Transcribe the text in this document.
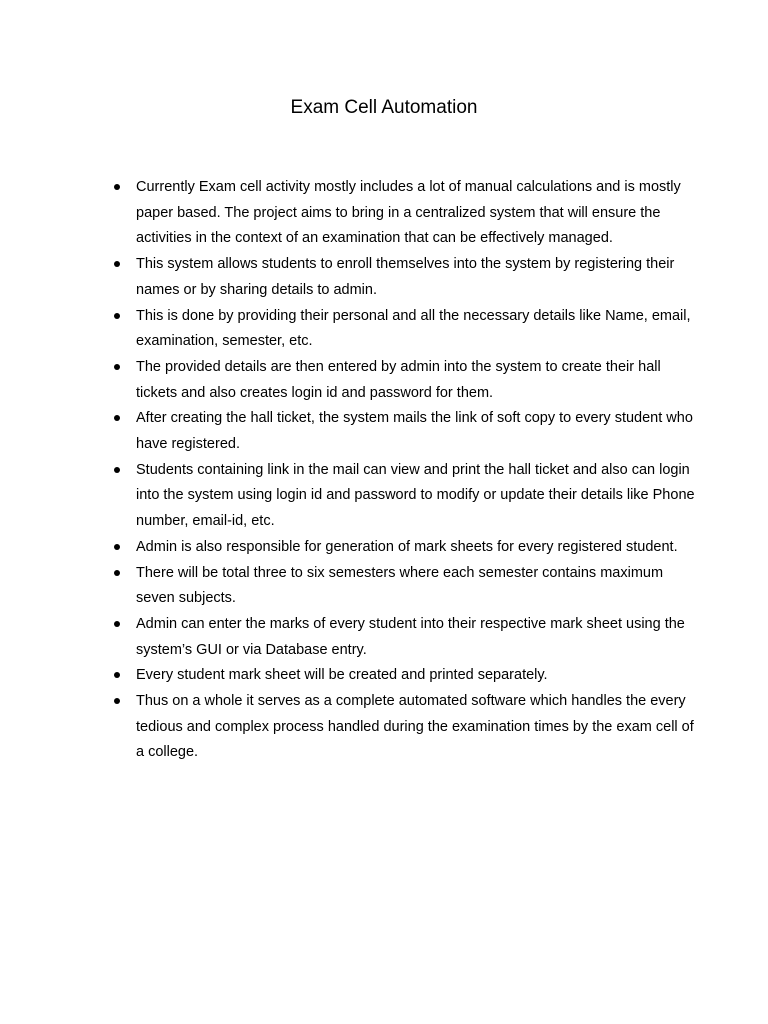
Exam Cell Automation
Currently Exam cell activity mostly includes a lot of manual calculations and is mostly paper based. The project aims to bring in a centralized system that will ensure the activities in the context of an examination that can be effectively managed.
This system allows students to enroll themselves into the system by registering their names or by sharing details to admin.
This is done by providing their personal and all the necessary details like Name, email, examination, semester, etc.
The provided details are then entered by admin into the system to create their hall tickets and also creates login id and password for them.
After creating the hall ticket, the system mails the link of soft copy to every student who have registered.
Students containing link in the mail can view and print the hall ticket and also can login into the system using login id and password to modify or update their details like Phone number, email-id, etc.
Admin is also responsible for generation of mark sheets for every registered student.
There will be total three to six semesters where each semester contains maximum seven subjects.
Admin can enter the marks of every student into their respective mark sheet using the system’s GUI or via Database entry.
Every student mark sheet will be created and printed separately.
Thus on a whole it serves as a complete automated software which handles the every tedious and complex process handled during the examination times by the exam cell of a college.
